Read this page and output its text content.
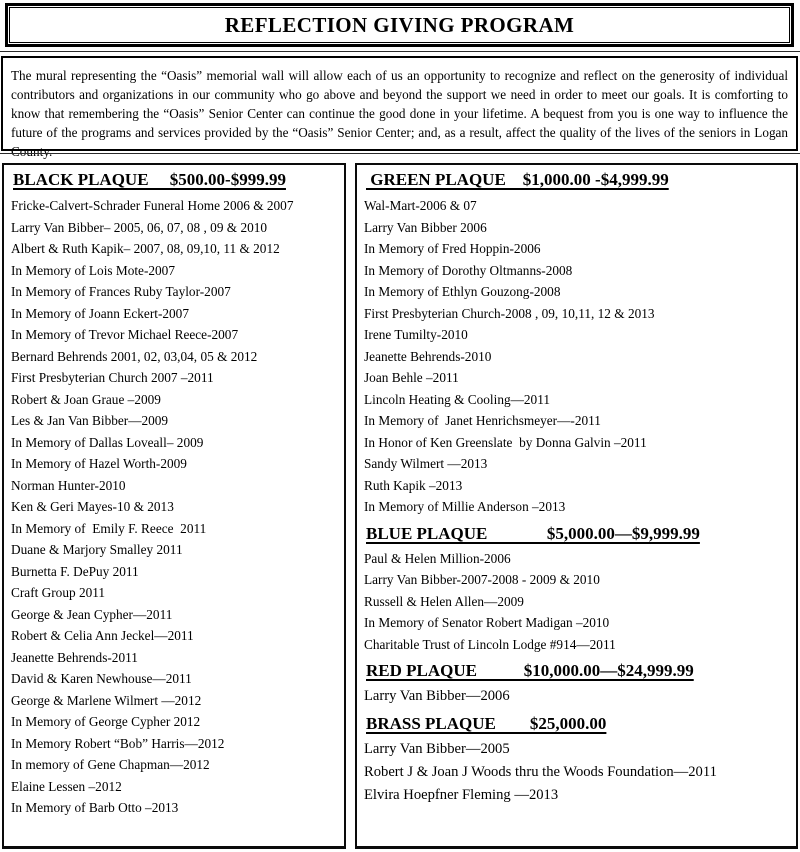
REFLECTION GIVING PROGRAM

The mural representing the “Oasis” memorial wall will allow each of us an opportunity to recognize and reflect on the generosity of individual contributors and organizations in our community who go above and beyond the support we need in order to meet our goals. It is comforting to know that remembering the “Oasis” Senior Center can continue the good done in your lifetime. A bequest from you is one way to influence the future of the programs and services provided by the “Oasis” Senior Center; and, as a result, affect the quality of the lives of the seniors in Logan County.

BLACK PLAQUE     $500.00-$999.99
Fricke-Calvert-Schrader Funeral Home 2006 & 2007
Larry Van Bibber– 2005, 06, 07, 08 , 09 & 2010
Albert & Ruth Kapik– 2007, 08, 09,10, 11 & 2012
In Memory of Lois Mote-2007
In Memory of Frances Ruby Taylor-2007
In Memory of Joann Eckert-2007
In Memory of Trevor Michael Reece-2007
Bernard Behrends 2001, 02, 03,04, 05 & 2012
First Presbyterian Church 2007 –2011
Robert & Joan Graue –2009
Les & Jan Van Bibber—2009
In Memory of Dallas Loveall– 2009
In Memory of Hazel Worth-2009
Norman Hunter-2010
Ken & Geri Mayes-10 & 2013
In Memory of  Emily F. Reece  2011
Duane & Marjory Smalley 2011
Burnetta F. DePuy 2011
Craft Group 2011
George & Jean Cypher—2011
Robert & Celia Ann Jeckel—2011
Jeanette Behrends-2011
David & Karen Newhouse—2011
George & Marlene Wilmert —2012
In Memory of George Cypher 2012
In Memory Robert “Bob” Harris—2012
In memory of Gene Chapman—2012
Elaine Lessen –2012
In Memory of Barb Otto –2013
GREEN PLAQUE    $1,000.00 -$4,999.99
Wal-Mart-2006 & 07
Larry Van Bibber 2006
In Memory of Fred Hoppin-2006
In Memory of Dorothy Oltmanns-2008
In Memory of Ethlyn Gouzong-2008
First Presbyterian Church-2008 , 09, 10,11, 12 & 2013
Irene Tumilty-2010
Jeanette Behrends-2010
Joan Behle –2011
Lincoln Heating & Cooling—2011
In Memory of  Janet Henrichsmeyer—-2011
In Honor of Ken Greenslate  by Donna Galvin –2011
Sandy Wilmert —2013
Ruth Kapik –2013
In Memory of Millie Anderson –2013
BLUE PLAQUE              $5,000.00—$9,999.99
Paul & Helen Million-2006
Larry Van Bibber-2007-2008 - 2009 & 2010
Russell & Helen Allen—2009
In Memory of Senator Robert Madigan –2010
Charitable Trust of Lincoln Lodge #914—2011
RED PLAQUE           $10,000.00—$24,999.99
Larry Van Bibber—2006
BRASS PLAQUE        $25,000.00
Larry Van Bibber—2005
Robert J & Joan J Woods thru the Woods Foundation—2011
Elvira Hoepfner Fleming —2013
